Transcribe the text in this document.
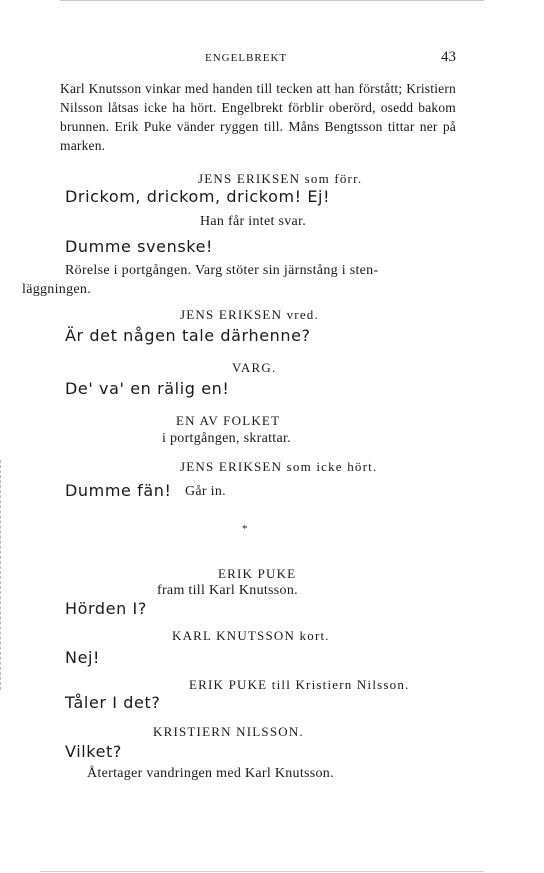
ENGELBREKT	43
Karl Knutsson vinkar med handen till tecken att han förstått; Kristiern Nilsson låtsas icke ha hört. Engelbrekt förblir oberörd, osedd bakom brunnen. Erik Puke vänder ryggen till. Måns Bengtsson tittar ner på marken.
JENS ERIKSEN som förr.
Drickom, drickom, drickom! Ej!
Han får intet svar.
Dumme svenske!
Rörelse i portgången. Varg stöter sin järnstång i sten-
läggningen.
JENS ERIKSEN vred.
Är det någen tale därhenne?
VARG.
De' va' en rälig en!
EN AV FOLKET
i portgången, skrattar.
JENS ERIKSEN som icke hört.
Dumme fän! Går in.
*
ERIK PUKE
fram till Karl Knutsson.
Hörden I?
KARL KNUTSSON kort.
Nej!
ERIK PUKE till Kristiern Nilsson.
Tåler I det?
KRISTIERN NILSSON.
Vilket?
Återtager vandringen med Karl Knutsson.
